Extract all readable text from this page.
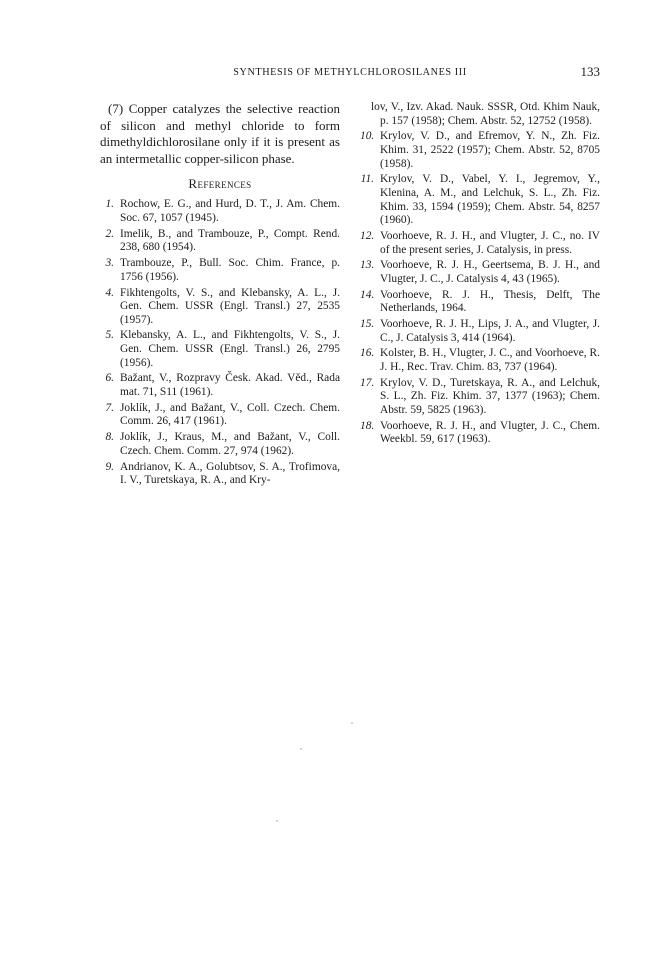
SYNTHESIS OF METHYLCHLOROSILANES III	133

(7) Copper catalyzes the selective reaction of silicon and methyl chloride to form dimethyldichlorosilane only if it is present as an intermetallic copper-silicon phase.

References
1. Rochow, E. G., and Hurd, D. T., J. Am. Chem. Soc. 67, 1057 (1945).
2. Imelik, B., and Trambouze, P., Compt. Rend. 238, 680 (1954).
3. Trambouze, P., Bull. Soc. Chim. France, p. 1756 (1956).
4. Fikhtengolts, V. S., and Klebansky, A. L., J. Gen. Chem. USSR (Engl. Transl.) 27, 2535 (1957).
5. Klebansky, A. L., and Fikhtengolts, V. S., J. Gen. Chem. USSR (Engl. Transl.) 26, 2795 (1956).
6. Bažant, V., Rozpravy Česk. Akad. Věd., Rada mat. 71, S11 (1961).
7. Joklík, J., and Bažant, V., Coll. Czech. Chem. Comm. 26, 417 (1961).
8. Joklík, J., Kraus, M., and Bažant, V., Coll. Czech. Chem. Comm. 27, 974 (1962).
9. Andrianov, K. A., Golubtsov, S. A., Trofimova, I. V., Turetskaya, R. A., and Kry-
lov, V., Izv. Akad. Nauk. SSSR, Otd. Khim Nauk, p. 157 (1958); Chem. Abstr. 52, 12752 (1958).
10. Krylov, V. D., and Efremov, Y. N., Zh. Fiz. Khim. 31, 2522 (1957); Chem. Abstr. 52, 8705 (1958).
11. Krylov, V. D., Vabel, Y. I., Jegremov, Y., Klenina, A. M., and Lelchuk, S. L., Zh. Fiz. Khim. 33, 1594 (1959); Chem. Abstr. 54, 8257 (1960).
12. Voorhoeve, R. J. H., and Vlugter, J. C., no. IV of the present series, J. Catalysis, in press.
13. Voorhoeve, R. J. H., Geertsema, B. J. H., and Vlugter, J. C., J. Catalysis 4, 43 (1965).
14. Voorhoeve, R. J. H., Thesis, Delft, The Netherlands, 1964.
15. Voorhoeve, R. J. H., Lips, J. A., and Vlugter, J. C., J. Catalysis 3, 414 (1964).
16. Kolster, B. H., Vlugter, J. C., and Voorhoeve, R. J. H., Rec. Trav. Chim. 83, 737 (1964).
17. Krylov, V. D., Turetskaya, R. A., and Lelchuk, S. L., Zh. Fiz. Khim. 37, 1377 (1963); Chem. Abstr. 59, 5825 (1963).
18. Voorhoeve, R. J. H., and Vlugter, J. C., Chem. Weekbl. 59, 617 (1963).
